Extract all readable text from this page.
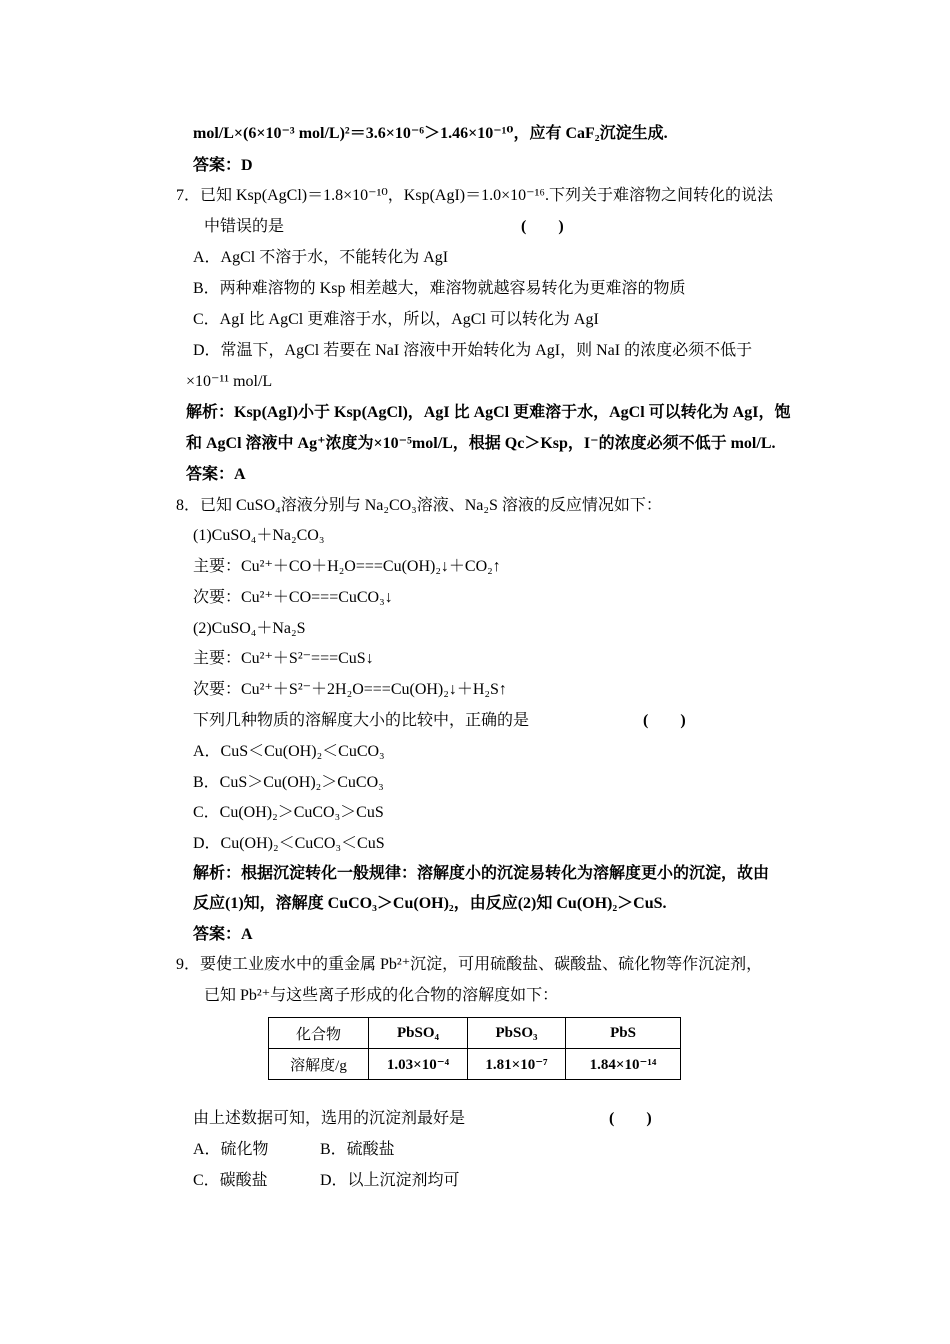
mol/L×(6×10⁻³ mol/L)²＝3.6×10⁻⁶＞1.46×10⁻¹⁰，应有 CaF₂沉淀生成.
答案：D
7．已知 Ksp(AgCl)＝1.8×10⁻¹⁰，Ksp(AgI)＝1.0×10⁻¹⁶.下列关于难溶物之间转化的说法
中错误的是	(　　)
A．AgCl 不溶于水，不能转化为 AgI
B．两种难溶物的 Ksp 相差越大，难溶物就越容易转化为更难溶的物质
C．AgI 比 AgCl 更难溶于水，所以，AgCl 可以转化为 AgI
D．常温下，AgCl 若要在 NaI 溶液中开始转化为 AgI，则 NaI 的浓度必须不低于
×10⁻¹¹ mol/L
解析：Ksp(AgI)小于 Ksp(AgCl)，AgI 比 AgCl 更难溶于水，AgCl 可以转化为 AgI，饱
和 AgCl 溶液中 Ag⁺浓度为×10⁻⁵mol/L，根据 Qc＞Ksp，I⁻的浓度必须不低于 mol/L.
答案：A
8．已知 CuSO₄溶液分别与 Na₂CO₃溶液、Na₂S 溶液的反应情况如下：
(1)CuSO₄＋Na₂CO₃
主要：Cu²⁺＋CO＋H₂O===Cu(OH)₂↓＋CO₂↑
次要：Cu²⁺＋CO===CuCO₃↓
(2)CuSO₄＋Na₂S
主要：Cu²⁺＋S²⁻===CuS↓
次要：Cu²⁺＋S²⁻＋2H₂O===Cu(OH)₂↓＋H₂S↑
下列几种物质的溶解度大小的比较中，正确的是	(　　)
A．CuS＜Cu(OH)₂＜CuCO₃
B．CuS＞Cu(OH)₂＞CuCO₃
C．Cu(OH)₂＞CuCO₃＞CuS
D．Cu(OH)₂＜CuCO₃＜CuS
解析：根据沉淀转化一般规律：溶解度小的沉淀易转化为溶解度更小的沉淀，故由
反应(1)知，溶解度 CuCO₃＞Cu(OH)₂，由反应(2)知 Cu(OH)₂＞CuS.
答案：A
9．要使工业废水中的重金属 Pb²⁺沉淀，可用硫酸盐、碳酸盐、硫化物等作沉淀剂，
已知 Pb²⁺与这些离子形成的化合物的溶解度如下：
化合物	PbSO₄	PbSO₃	PbS
溶解度/g	1.03×10⁻⁴	1.81×10⁻⁷	1.84×10⁻¹⁴
由上述数据可知，选用的沉淀剂最好是	(　　)
A．硫化物	B．硫酸盐
C．碳酸盐	D．以上沉淀剂均可
